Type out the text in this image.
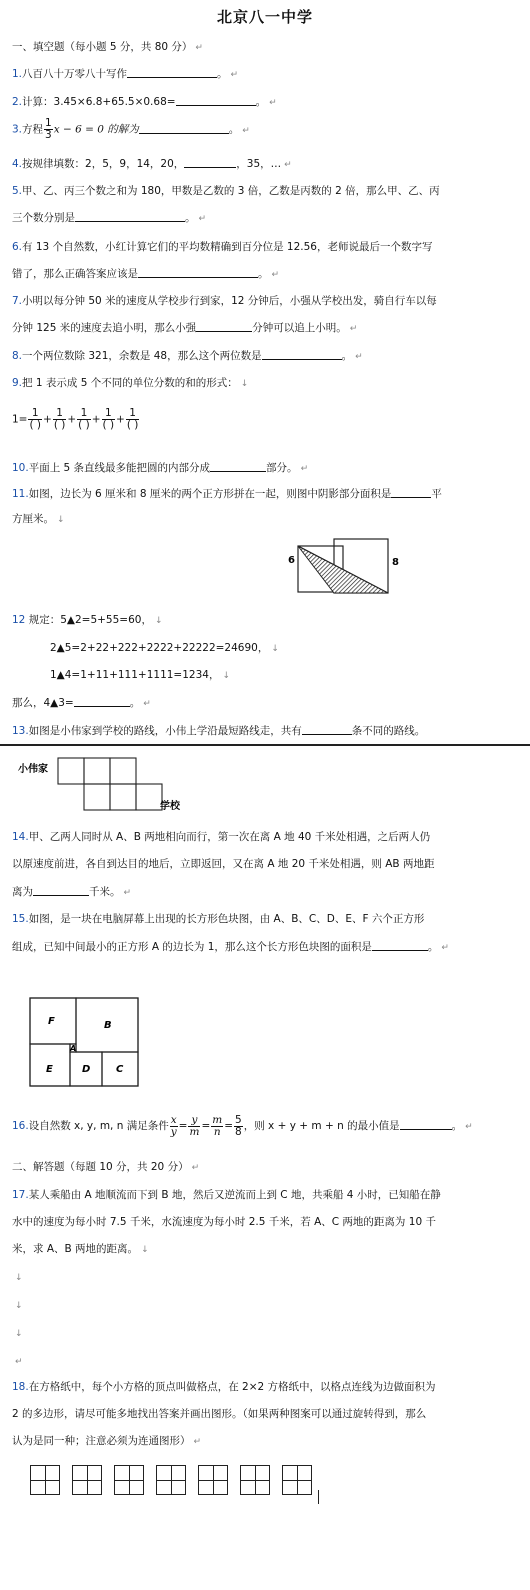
北京八一中学
一、填空题（每小题 5 分，共 80 分） ↵
1.八百八十万零八十写作	。 ↵
2.计算：3.45×6.8+65.5×0.68=	。 ↵
3.方程 $\frac{1}{3}$ x − 6 = 0 的解为	。 ↵
4.按规律填数：2，5，9，14，20，	，35，… ↵
5.甲、乙、丙三个数之和为 180，甲数是乙数的 3 倍，乙数是丙数的 2 倍，那么甲、乙、丙
三个数分别是	。 ↵
6.有 13 个自然数，小红计算它们的平均数精确到百分位是 12.56，老师说最后一个数字写
错了，那么正确答案应该是	。 ↵
7.小明以每分钟 50 米的速度从学校步行到家，12 分钟后，小强从学校出发，骑自行车以每
分钟 125 米的速度去追小明，那么小强	分钟可以追上小明。 ↵
8.一个两位数除 321，余数是 48，那么这个两位数是	。 ↵
9.把 1 表示成 5 个不同的单位分数的和的形式： ↓
$1= \frac{1}{( )} + \frac{1}{( )} + \frac{1}{( )} + \frac{1}{( )} + \frac{1}{( )}$
10.平面上 5 条直线最多能把圆的内部分成	部分。 ↵
11.如图，边长为 6 厘米和 8 厘米的两个正方形拼在一起，则图中阴影部分面积是	平
方厘米。 ↓
6	8
12 规定：5▲2=5+55=60， ↓
2▲5=2+22+222+2222+22222=24690， ↓
1▲4=1+11+111+1111=1234， ↓
那么，4▲3=	。 ↵
13.如图是小伟家到学校的路线，小伟上学沿最短路线走，共有	条不同的路线。
小伟家
学校
14.甲、乙两人同时从 A、B 两地相向而行，第一次在离 A 地 40 千米处相遇，之后两人仍
以原速度前进，各自到达目的地后，立即返回，又在离 A 地 20 千米处相遇，则 AB 两地距
离为	千米。 ↵
15.如图，是一块在电脑屏幕上出现的长方形色块图，由 A、B、C、D、E、F 六个正方形
组成，已知中间最小的正方形 A 的边长为 1，那么这个长方形色块图的面积是	。 ↵
F	B
A
E	D	C
16.设自然数 x, y, m, n 满足条件 $\frac{x}{y} = \frac{y}{m} = \frac{m}{n} = \frac{5}{8}$ ，则 x + y + m + n 的最小值是	。 ↵
二、解答题（每题 10 分，共 20 分） ↵
17.某人乘船由 A 地顺流而下到 B 地，然后又逆流而上到 C 地，共乘船 4 小时，已知船在静
水中的速度为每小时 7.5 千米，水流速度为每小时 2.5 千米，若 A、C 两地的距离为 10 千
米，求 A、B 两地的距离。 ↓
↓
↓
↓
↵
18.在方格纸中，每个小方格的顶点叫做格点，在 2×2 方格纸中，以格点连线为边做面积为
2 的多边形，请尽可能多地找出答案并画出图形。（如果两种图案可以通过旋转得到，那么
认为是同一种；注意必须为连通图形） ↵
